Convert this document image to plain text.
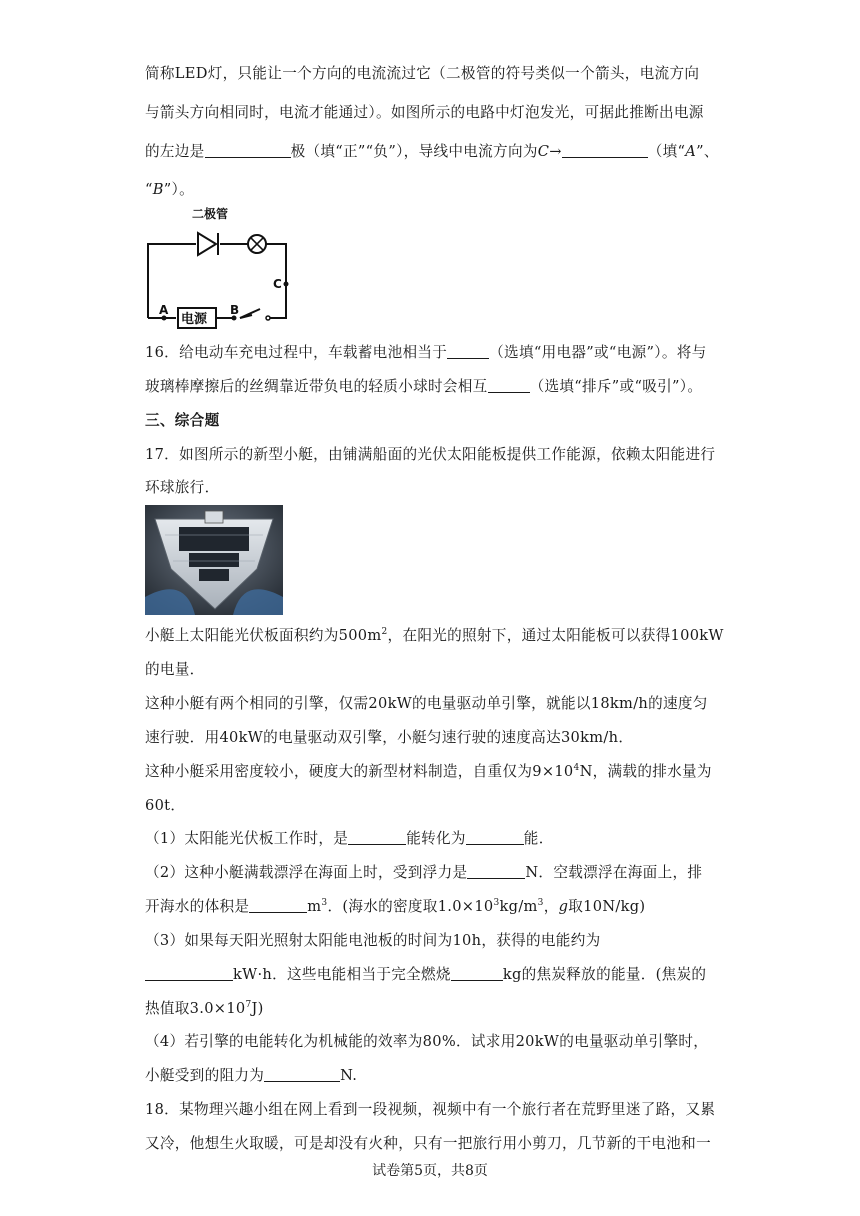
简称LED灯，只能让一个方向的电流流过它（二极管的符号类似一个箭头，电流方向
与箭头方向相同时，电流才能通过）。如图所示的电路中灯泡发光，可据此推断出电源
的左边是	极（填“正”“负”），导线中电流方向为C→	（填“A”、
“B”）。
二极管
电源
A	B
C
16．给电动车充电过程中，车载蓄电池相当于	（选填“用电器”或“电源”）。将与
玻璃棒摩擦后的丝绸靠近带负电的轻质小球时会相互	（选填“排斥”或“吸引”）。
三、综合题
17．如图所示的新型小艇，由铺满船面的光伏太阳能板提供工作能源，依赖太阳能进行
环球旅行．
小艇上太阳能光伏板面积约为$500m^2$，在阳光的照射下，通过太阳能板可以获得100kW
的电量．
这种小艇有两个相同的引擎，仅需20kW的电量驱动单引擎，就能以18km/h的速度匀
速行驶．用40kW的电量驱动双引擎，小艇匀速行驶的速度高达30km/h．
这种小艇采用密度较小，硬度大的新型材料制造，自重仅为$9\times 10^4N$，满载的排水量为
60t．
（1）太阳能光伏板工作时，是	能转化为	能．
（2）这种小艇满载漂浮在海面上时，受到浮力是	N．空载漂浮在海面上，排
开海水的体积是	$m^3$．(海水的密度取$1.0\times 10^3kg/m^3$，g取10N/kg)
（3）如果每天阳光照射太阳能电池板的时间为10h，获得的电能约为
kW·h．这些电能相当于完全燃烧	kg的焦炭释放的能量．(焦炭的
热值取$3.0\times 10^7J$)
（4）若引擎的电能转化为机械能的效率为80%．试求用20kW的电量驱动单引擎时，
小艇受到的阻力为	N.
18．某物理兴趣小组在网上看到一段视频，视频中有一个旅行者在荒野里迷了路，又累
又冷，他想生火取暖，可是却没有火种，只有一把旅行用小剪刀，几节新的干电池和一
试卷第5页，共8页
